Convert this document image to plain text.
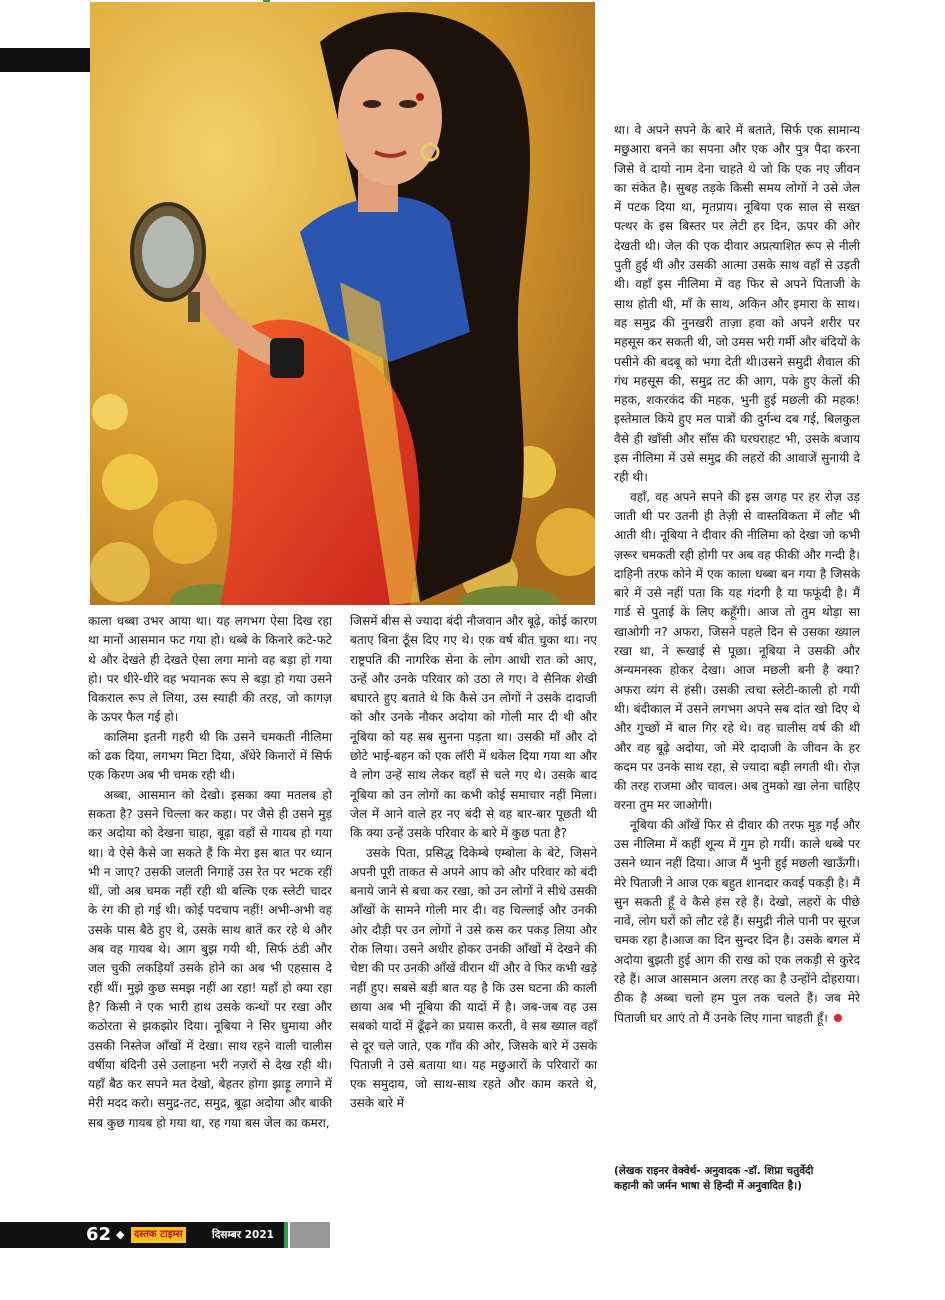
काला धब्बा उभर आया था। यह लगभग ऐसा दिख रहा था मानों आसमान फट गया हो। धब्बे के किनारे कटे-फटे थे और देखते ही देखते ऐसा लगा मानो वह बड़ा हो गया हो। पर धीरे-धीरे वह भयानक रूप से बड़ा हो गया उसने विकराल रूप ले लिया, उस स्याही की तरह, जो कागज़ के ऊपर फैल गई हो।

कालिमा इतनी गहरी थी कि उसने चमकती नीलिमा को ढक दिया, लगभग मिटा दिया, अँधेरे किनारों में सिर्फ एक किरण अब भी चमक रही थी।

अब्बा, आसमान को देखो। इसका क्या मतलब हो सकता है? उसने चिल्ला कर कहा। पर जैसे ही उसने मुड़ कर अदोया को देखना चाहा, बूढ़ा वहाँ से गायब हो गया था। वे ऐसे कैसे जा सकते हैं कि मेरा इस बात पर ध्यान भी न जाए? उसकी जलती निगाहें उस रेत पर भटक रहीं थीं, जो अब चमक नहीं रही थी बल्कि एक स्लेटी चादर के रंग की हो गई थी। कोई पदचाप नहीं! अभी-अभी वह उसके पास बैठे हुए थे, उसके साथ बातें कर रहे थे और अब वह गायब थे। आग बुझ गयी थी, सिर्फ ठंडी और जल चुकी लकड़ियाँ उसके होने का अब भी एहसास दे रहीं थीं। मुझे कुछ समझ नहीं आ रहा! यहाँ हो क्या रहा है? किसी ने एक भारी हाथ उसके कन्धों पर रखा और कठोरता से झकझोर दिया। नूबिया ने सिर घुमाया और उसकी निस्तेज आँखों में देखा। साथ रहने वाली चालीस वर्षीया बंदिनी उसे उलाहना भरी नज़रों से देख रही थी। यहाँ बैठ कर सपने मत देखो, बेहतर होगा झाड़ू लगाने में मेरी मदद करो। समुद्र-तट, समुद्र, बूढ़ा अदोया और बाकी सब कुछ गायब हो गया था, रह गया बस जेल का कमरा,

जिसमें बीस से ज्यादा बंदी नौजवान और बूढ़े, कोई कारण बताए बिना ठूँस दिए गए थे। एक वर्ष बीत चुका था। नए राष्ट्रपति की नागरिक सेना के लोग आधी रात को आए, उन्हें और उनके परिवार को उठा ले गए। वे सैनिक शेखी बघारते हुए बताते थे कि कैसे उन लोगों ने उसके दादाजी को और उनके नौकर अदोया को गोली मार दी थी और नूबिया को यह सब सुनना पड़ता था। उसकी माँ और दो छोटे भाई-बहन को एक लॉरी में धकेल दिया गया था और वे लोग उन्हें साथ लेकर वहाँ से चले गए थे। उसके बाद नूबिया को उन लोगों का कभी कोई समाचार नहीं मिला। जेल में आने वाले हर नए बंदी से वह बार-बार पूछती थी कि क्या उन्हें उसके परिवार के बारे में कुछ पता है?

उसके पिता, प्रसिद्ध दिकेम्बे एम्बोला के बेटे, जिसने अपनी पूरी ताकत से अपने आप को और परिवार को बंदी बनाये जाने से बचा कर रखा, को उन लोगों ने सीधे उसकी आँखों के सामने गोली मार दी। वह चिल्लाई और उनकी ओर दौड़ी पर उन लोगों ने उसे कस कर पकड़ लिया और रोक लिया। उसने अधीर होकर उनकी आँखों में देखने की चेष्टा की पर उनकी आँखें वीरान थीं और वे फिर कभी खड़े नहीं हुए। सबसे बड़ी बात यह है कि उस घटना की काली छाया अब भी नूबिया की यादों में है। जब-जब वह उस सबको यादों में ढूँढ़ने का प्रयास करती, वे सब ख्याल वहाँ से दूर चले जाते, एक गाँव की ओर, जिसके बारे में उसके पिताजी ने उसे बताया था। यह मछुआरों के परिवारों का एक समुदाय, जो साथ-साथ रहते और काम करते थे, उसके बारे में

था। वे अपने सपने के बारे में बताते, सिर्फ एक सामान्य मछुआरा बनने का सपना और एक और पुत्र पैदा करना जिसे वे दायो नाम देना चाहते थे जो कि एक नए जीवन का संकेत है। सुबह तड़के किसी समय लोगों ने उसे जेल में पटक दिया था, मृतप्राय। नूबिया एक साल से सख्त पत्थर के इस बिस्तर पर लेटी हर दिन, ऊपर की ओर देखती थी। जेल की एक दीवार अप्रत्याशित रूप से नीली पुती हुई थी और उसकी आत्मा उसके साथ वहाँ से उड़ती थी। वहाँ इस नीलिमा में वह फिर से अपने पिताजी के साथ होती थी, माँ के साथ, अकिन और इमारा के साथ। वह समुद्र की नुनखरी ताज़ा हवा को अपने शरीर पर महसूस कर सकती थी, जो उमस भरी गर्मी और बंदियों के पसीने की बदबू को भगा देती थी।उसने समुद्री शैवाल की गंध महसूस की, समुद्र तट की आग, पके हुए केलों की महक, शकरकंद की महक, भुनी हुई मछली की महक! इस्तेमाल किये हुए मल पात्रों की दुर्गन्ध दब गई, बिलकुल वैसे ही खाँसी और साँस की घरघराहट भी, उसके बजाय इस नीलिमा में उसे समुद्र की लहरों की आवाजें सुनायी दे रही थी।

वहाँ, वह अपने सपने की इस जगह पर हर रोज़ उड़ जाती थी पर उतनी ही तेज़ी से वास्तविकता में लौट भी आती थी। नूबिया ने दीवार की नीलिमा को देखा जो कभी ज़रूर चमकती रही होगी पर अब वह फीकी और गन्दी है। दाहिनी तरफ कोने में एक काला धब्बा बन गया है जिसके बारे में उसे नहीं पता कि यह गंदगी है या फफूंदी है। मैं गार्ड से पुताई के लिए कहूँगी। आज तो तुम थोड़ा सा खाओगी न? अफरा, जिसने पहले दिन से उसका ख्याल रखा था, ने रूखाई से पूछा। नूबिया ने उसकी और अन्यमनस्क होकर देखा। आज मछली बनी है क्या? अफरा व्यंग से हंसी। उसकी त्वचा स्लेटी-काली हो गयी थी। बंदीकाल में उसने लगभग अपने सब दांत खो दिए थे और गुच्छों में बाल गिर रहे थे। वह चालीस वर्ष की थी और वह बूढ़े अदोया, जो मेरे दादाजी के जीवन के हर कदम पर उनके साथ रहा, से ज्यादा बड़ी लगती थी। रोज़ की तरह राजमा और चावल। अब तुमको खा लेना चाहिए वरना तुम मर जाओगी।

नूबिया की आँखें फिर से दीवार की तरफ मुड़ गईं और उस नीलिमा में कहीं शून्य में गुम हो गयीं। काले धब्बे पर उसने ध्यान नहीं दिया। आज मैं भुनी हुई मछली खाऊँगी। मेरे पिताजी ने आज एक बहुत शानदार कवई पकड़ी है। मैं सुन सकती हूँ वे कैसे हंस रहे हैं। देखो, लहरों के पीछे नावें, लोग घरों को लौट रहे हैं। समुद्री नीले पानी पर सूरज चमक रहा है।आज का दिन सुन्दर दिन है। उसके बगल में अदोया बुझती हुई आग की राख को एक लकड़ी से कुरेद रहे हैं। आज आसमान अलग तरह का है उन्होंने दोहराया। ठीक है अब्बा चलो हम पुल तक चलते हैं। जब मेरे पिताजी घर आएं तो मैं उनके लिए गाना चाहती हूँ।

(लेखक राइनर वेक्वेर्थ- अनुवादक -डॉ. शिप्रा चतुर्वेदी
कहानी को जर्मन भाषा से हिन्दी में अनुवादित है।)
62 ◆ दस्तक टाइम्स	दिसम्बर 2021
